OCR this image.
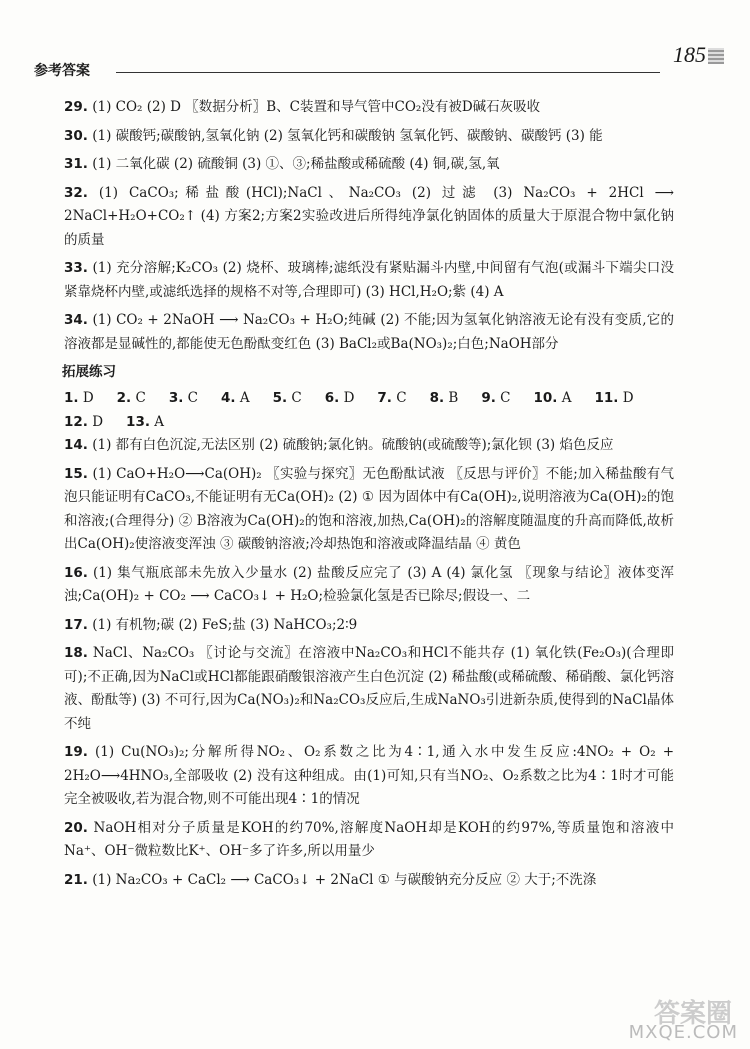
参考答案
185
29. (1) CO₂ (2) D 〖数据分析〗B、C装置和导气管中CO₂没有被D碱石灰吸收
30. (1) 碳酸钙;碳酸钠,氢氧化钠 (2) 氢氧化钙和碳酸钠 氢氧化钙、碳酸钠、碳酸钙 (3) 能
31. (1) 二氧化碳 (2) 硫酸铜 (3) ①、③;稀盐酸或稀硫酸 (4) 铜,碳,氢,氧
32. (1) CaCO₃;稀盐酸(HCl);NaCl、Na₂CO₃ (2) 过滤 (3) Na₂CO₃ + 2HCl ⟶ 2NaCl+H₂O+CO₂↑ (4) 方案2;方案2实验改进后所得纯净氯化钠固体的质量大于原混合物中氯化钠的质量
33. (1) 充分溶解;K₂CO₃ (2) 烧杯、玻璃棒;滤纸没有紧贴漏斗内壁,中间留有气泡(或漏斗下端尖口没紧靠烧杯内壁,或滤纸选择的规格不对等,合理即可) (3) HCl,H₂O;紫 (4) A
34. (1) CO₂ + 2NaOH ⟶ Na₂CO₃ + H₂O;纯碱 (2) 不能;因为氢氧化钠溶液无论有没有变质,它的溶液都是显碱性的,都能使无色酚酞变红色 (3) BaCl₂或Ba(NO₃)₂;白色;NaOH部分
拓展练习
1. D 2. C 3. C 4. A 5. C 6. D 7. C 8. B 9. C 10. A 11. D
12. D 13. A
14. (1) 都有白色沉淀,无法区别 (2) 硫酸钠;氯化钠。硫酸钠(或硫酸等);氯化钡 (3) 焰色反应
15. (1) CaO+H₂O⟶Ca(OH)₂ 〖实验与探究〗无色酚酞试液 〖反思与评价〗不能;加入稀盐酸有气泡只能证明有CaCO₃,不能证明有无Ca(OH)₂ (2) ① 因为固体中有Ca(OH)₂,说明溶液为Ca(OH)₂的饱和溶液;(合理得分) ② B溶液为Ca(OH)₂的饱和溶液,加热,Ca(OH)₂的溶解度随温度的升高而降低,故析出Ca(OH)₂使溶液变浑浊 ③ 碳酸钠溶液;冷却热饱和溶液或降温结晶 ④ 黄色
16. (1) 集气瓶底部未先放入少量水 (2) 盐酸反应完了 (3) A (4) 氯化氢 〖现象与结论〗液体变浑浊;Ca(OH)₂ + CO₂ ⟶ CaCO₃↓ + H₂O;检验氯化氢是否已除尽;假设一、二
17. (1) 有机物;碳 (2) FeS;盐 (3) NaHCO₃;2∶9
18. NaCl、Na₂CO₃ 〖讨论与交流〗在溶液中Na₂CO₃和HCl不能共存 (1) 氧化铁(Fe₂O₃)(合理即可);不正确,因为NaCl或HCl都能跟硝酸银溶液产生白色沉淀 (2) 稀盐酸(或稀硫酸、稀硝酸、氯化钙溶液、酚酞等) (3) 不可行,因为Ca(NO₃)₂和Na₂CO₃反应后,生成NaNO₃引进新杂质,使得到的NaCl晶体不纯
19. (1) Cu(NO₃)₂;分解所得NO₂、O₂系数之比为4∶1,通入水中发生反应:4NO₂ + O₂ + 2H₂O⟶4HNO₃,全部吸收 (2) 没有这种组成。由(1)可知,只有当NO₂、O₂系数之比为4∶1时才可能完全被吸收,若为混合物,则不可能出现4∶1的情况
20. NaOH相对分子质量是KOH的约70%,溶解度NaOH却是KOH的约97%,等质量饱和溶液中Na⁺、OH⁻微粒数比K⁺、OH⁻多了许多,所以用量少
21. (1) Na₂CO₃ + CaCl₂ ⟶ CaCO₃↓ + 2NaCl ① 与碳酸钠充分反应 ② 大于;不洗涤
答案圈
MXQE.COM
